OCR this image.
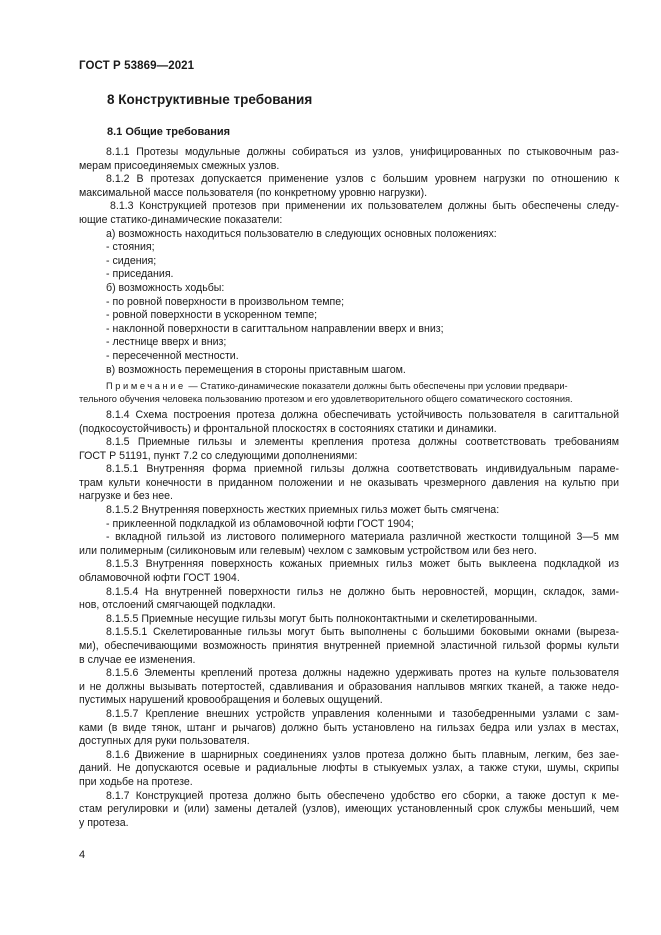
ГОСТ Р 53869—2021
8 Конструктивные требования
8.1 Общие требования

8.1.1 Протезы модульные должны собираться из узлов, унифицированных по стыковочным раз-

мерам присоединяемых смежных узлов.

8.1.2 В протезах допускается применение узлов с большим уровнем нагрузки по отношению к

максимальной массе пользователя (по конкретному уровню нагрузки).

8.1.3 Конструкцией протезов при применении их пользователем должны быть обеспечены следу-

ющие статико-динамические показатели:

а) возможность находиться пользователю в следующих основных положениях:

- стояния;

- сидения;

- приседания.

б) возможность ходьбы:

- по ровной поверхности в произвольном темпе;

- ровной поверхности в ускоренном темпе;

- наклонной поверхности в сагиттальном направлении вверх и вниз;

- лестнице вверх и вниз;

- пересеченной местности.

в) возможность перемещения в стороны приставным шагом.

Примечание — Статико-динамические показатели должны быть обеспечены при условии предвари-
тельного обучения человека пользованию протезом и его удовлетворительного общего соматического состояния.

8.1.4 Схема построения протеза должна обеспечивать устойчивость пользователя в сагиттальной

(подкосоустойчивость) и фронтальной плоскостях в состояниях статики и динамики.

8.1.5 Приемные гильзы и элементы крепления протеза должны соответствовать требованиям

ГОСТ Р 51191, пункт 7.2 со следующими дополнениями:

8.1.5.1 Внутренняя форма приемной гильзы должна соответствовать индивидуальным параме-

трам культи конечности в приданном положении и не оказывать чрезмерного давления на культю при

нагрузке и без нее.

8.1.5.2 Внутренняя поверхность жестких приемных гильз может быть смягчена:

- приклеенной подкладкой из обламовочной юфти ГОСТ 1904;

- вкладной гильзой из листового полимерного материала различной жесткости толщиной 3—5 мм

или полимерным (силиконовым или гелевым) чехлом с замковым устройством или без него.

8.1.5.3 Внутренняя поверхность кожаных приемных гильз может быть выклеена подкладкой из

обламовочной юфти ГОСТ 1904.

8.1.5.4 На внутренней поверхности гильз не должно быть неровностей, морщин, складок, зами-

нов, отслоений смягчающей подкладки.

8.1.5.5 Приемные несущие гильзы могут быть полноконтактными и скелетированными.

8.1.5.5.1 Скелетированные гильзы могут быть выполнены с большими боковыми окнами (выреза-

ми), обеспечивающими возможность принятия внутренней приемной эластичной гильзой формы культи

в случае ее изменения.

8.1.5.6 Элементы креплений протеза должны надежно удерживать протез на культе пользователя

и не должны вызывать потертостей, сдавливания и образования наплывов мягких тканей, а также недо-

пустимых нарушений кровообращения и болевых ощущений.

8.1.5.7 Крепление внешних устройств управления коленными и тазобедренными узлами с зам-

ками (в виде тянок, штанг и рычагов) должно быть установлено на гильзах бедра или узлах в местах,

доступных для руки пользователя.

8.1.6 Движение в шарнирных соединениях узлов протеза должно быть плавным, легким, без зае-

даний. Не допускаются осевые и радиальные люфты в стыкуемых узлах, а также стуки, шумы, скрипы

при ходьбе на протезе.

8.1.7 Конструкцией протеза должно быть обеспечено удобство его сборки, а также доступ к ме-

стам регулировки и (или) замены деталей (узлов), имеющих установленный срок службы меньший, чем

у протеза.

4
